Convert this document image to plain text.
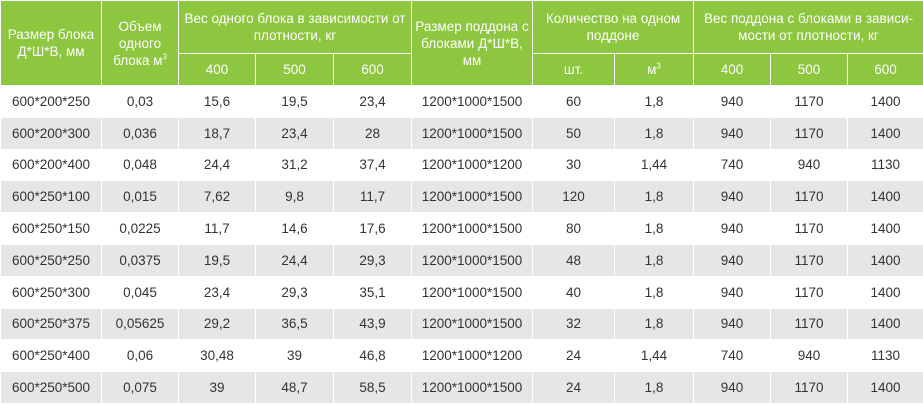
Размер блока Д*Ш*В, мм	Объем одного блока $м^3$	Вес одного блока в зависимости от плотности, кг			Размер поддона с блоками Д*Ш*В, мм	Количество на одном поддоне		Вес поддона с блоками в зависи-мости от плотности, кг		
		400	500	600		шт.	$м^3$	400	500	600
600*200*250	0,03	15,6	19,5	23,4	1200*1000*1500	60	1,8	940	1170	1400
600*200*300	0,036	18,7	23,4	28	1200*1000*1500	50	1,8	940	1170	1400
600*200*400	0,048	24,4	31,2	37,4	1200*1000*1200	30	1,44	740	940	1130
600*250*100	0,015	7,62	9,8	11,7	1200*1000*1500	120	1,8	940	1170	1400
600*250*150	0,0225	11,7	14,6	17,6	1200*1000*1500	80	1,8	940	1170	1400
600*250*250	0,0375	19,5	24,4	29,3	1200*1000*1500	48	1,8	940	1170	1400
600*250*300	0,045	23,4	29,3	35,1	1200*1000*1500	40	1,8	940	1170	1400
600*250*375	0,05625	29,2	36,5	43,9	1200*1000*1500	32	1,8	940	1170	1400
600*250*400	0,06	30,48	39	46,8	1200*1000*1200	24	1,44	740	940	1130
600*250*500	0,075	39	48,7	58,5	1200*1000*1500	24	1,8	940	1170	1400
